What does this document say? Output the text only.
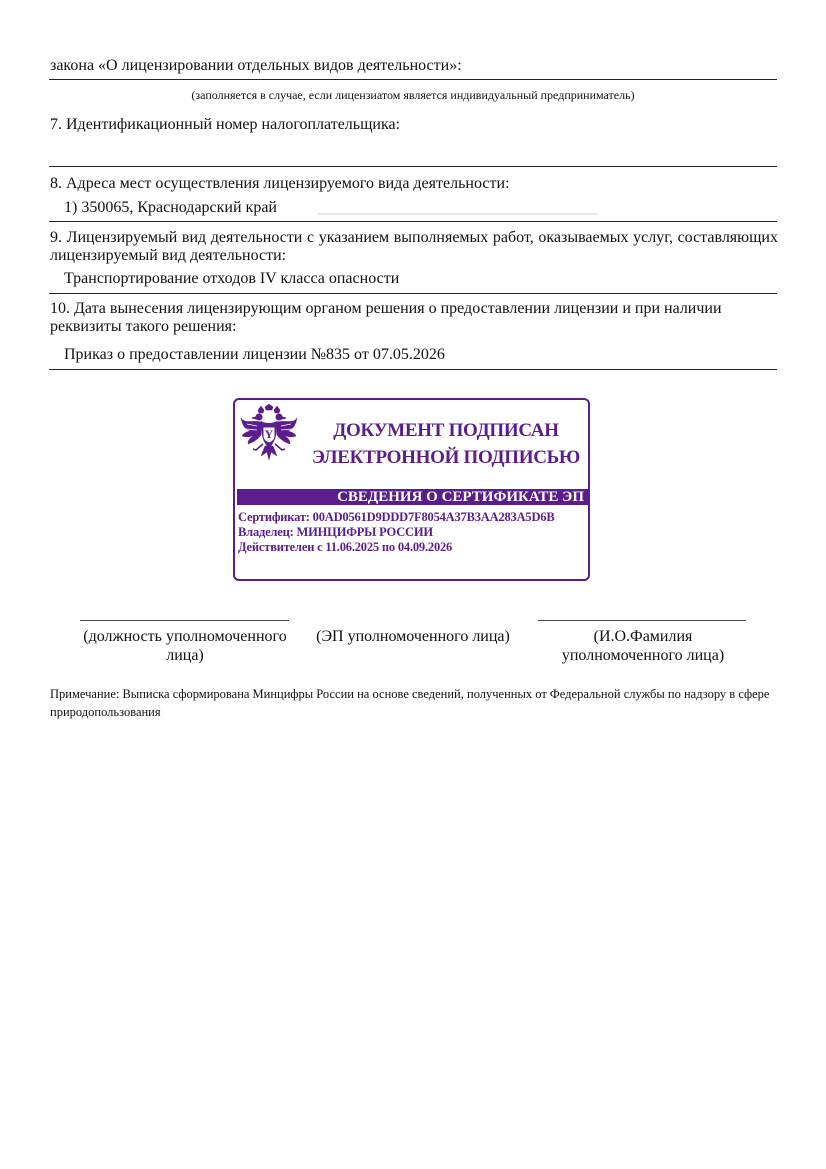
закона «О лицензировании отдельных видов деятельности»:
(заполняется в случае, если лицензиатом является индивидуальный предприниматель)
7. Идентификационный номер налогоплательщика:
8. Адреса мест осуществления лицензируемого вида деятельности:
1) 350065, Краснодарский край
9. Лицензируемый вид деятельности с указанием выполняемых работ, оказываемых услуг, составляющих лицензируемый вид деятельности:
Транспортирование отходов IV класса опасности
10. Дата вынесения лицензирующим органом решения о предоставлении лицензии и при наличии реквизиты такого решения:
Приказ о предоставлении лицензии №835 от 07.05.2026
Y	ДОКУМЕНТ ПОДПИСАН
ЭЛЕКТРОННОЙ ПОДПИСЬЮ
СВЕДЕНИЯ О СЕРТИФИКАТЕ ЭП
Сертификат: 00AD0561D9DDD7F8054A37B3AA283A5D6B
Владелец: МИНЦИФРЫ РОССИИ
Действителен с 11.06.2025 по 04.09.2026
(должность уполномоченного лица)
(ЭП уполномоченного лица)	(И.О.Фамилия уполномоченного лица)
Примечание: Выписка сформирована Минцифры России на основе сведений, полученных от Федеральной службы по надзору в сфере природопользования
